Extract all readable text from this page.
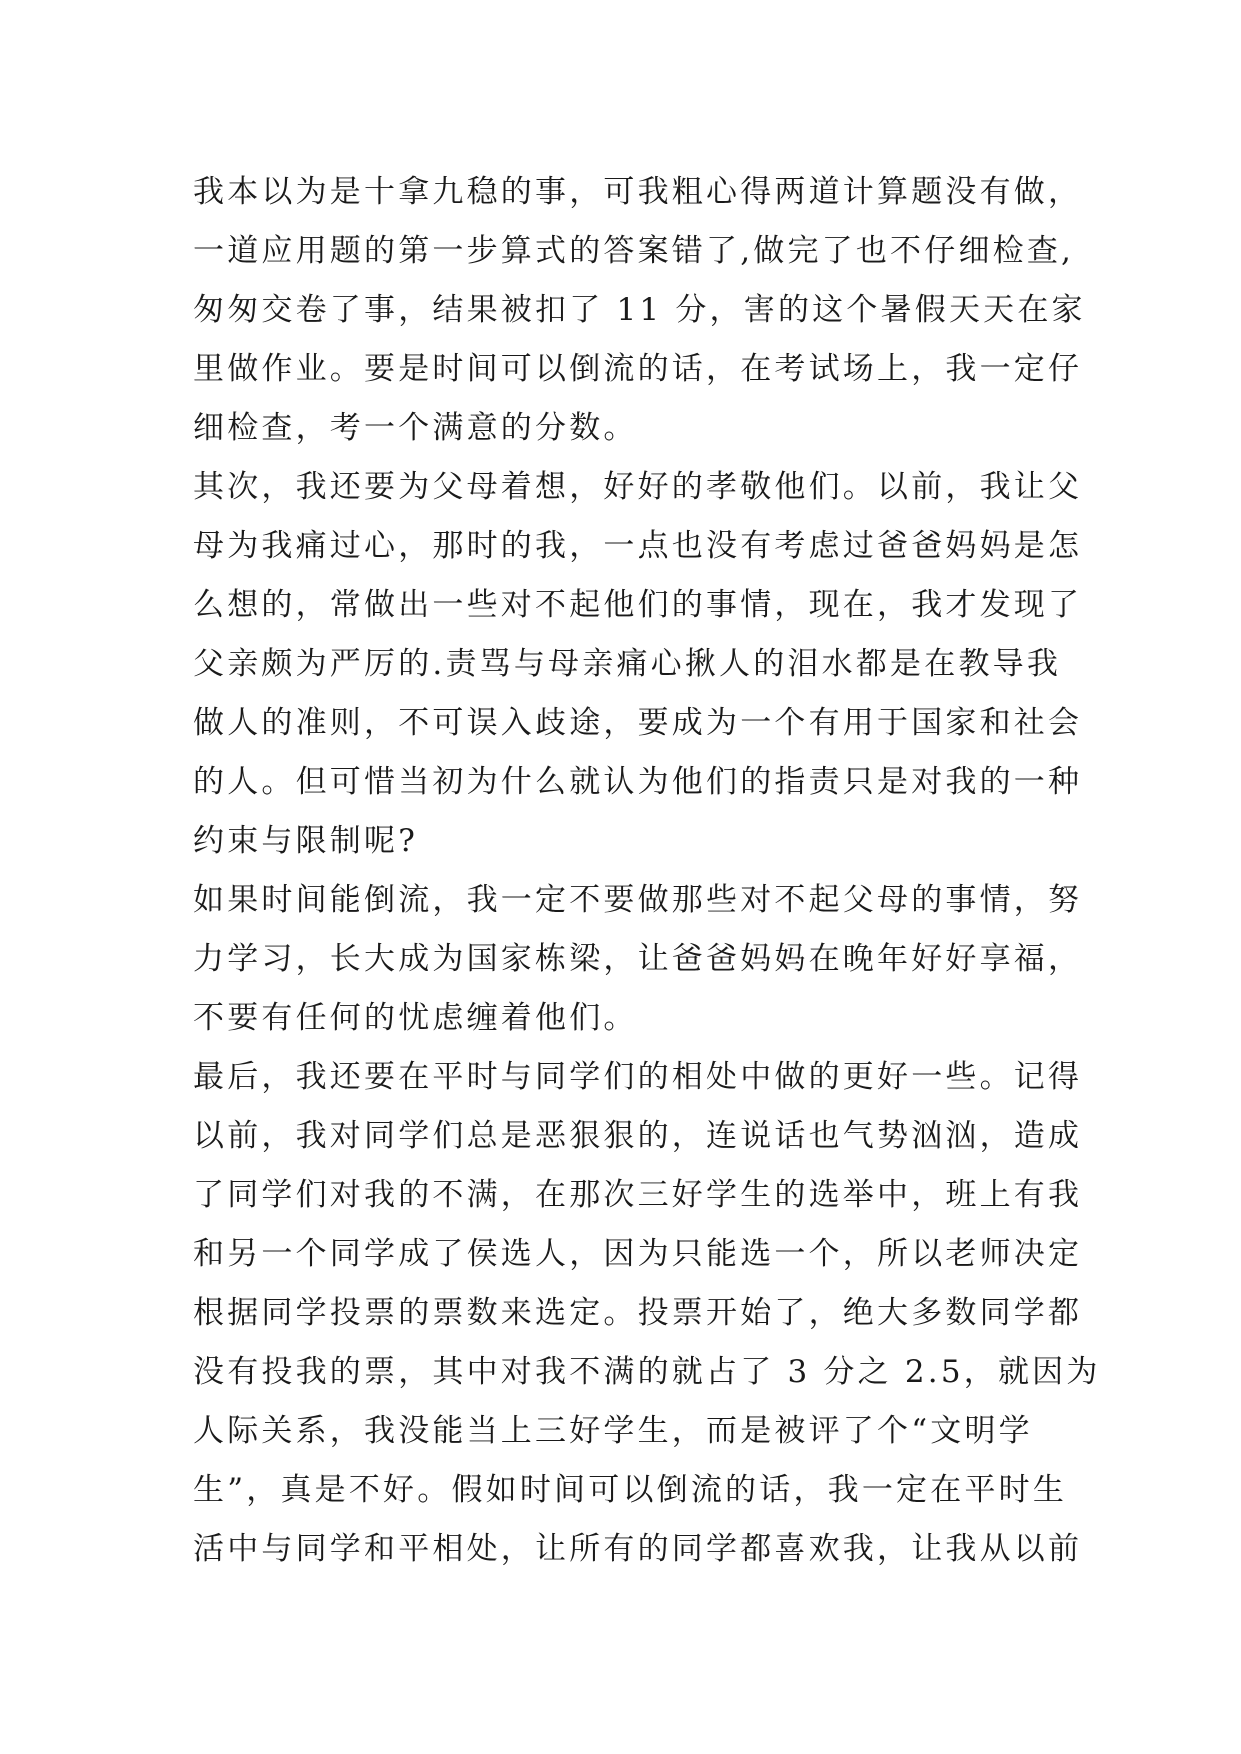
我本以为是十拿九稳的事，可我粗心得两道计算题没有做，
一道应用题的第一步算式的答案错了,做完了也不仔细检查,
匆匆交卷了事，结果被扣了 11 分，害的这个暑假天天在家
里做作业。要是时间可以倒流的话，在考试场上，我一定仔
细检查，考一个满意的分数。
其次，我还要为父母着想，好好的孝敬他们。以前，我让父
母为我痛过心，那时的我，一点也没有考虑过爸爸妈妈是怎
么想的，常做出一些对不起他们的事情，现在，我才发现了
父亲颇为严厉的.责骂与母亲痛心揪人的泪水都是在教导我
做人的准则，不可误入歧途，要成为一个有用于国家和社会
的人。但可惜当初为什么就认为他们的指责只是对我的一种
约束与限制呢?
如果时间能倒流，我一定不要做那些对不起父母的事情，努
力学习，长大成为国家栋梁，让爸爸妈妈在晚年好好享福，
不要有任何的忧虑缠着他们。
最后，我还要在平时与同学们的相处中做的更好一些。记得
以前，我对同学们总是恶狠狠的，连说话也气势汹汹，造成
了同学们对我的不满，在那次三好学生的选举中，班上有我
和另一个同学成了侯选人，因为只能选一个，所以老师决定
根据同学投票的票数来选定。投票开始了，绝大多数同学都
没有投我的票，其中对我不满的就占了 3 分之 2.5，就因为
人际关系，我没能当上三好学生，而是被评了个“文明学
生”，真是不好。假如时间可以倒流的话，我一定在平时生
活中与同学和平相处，让所有的同学都喜欢我，让我从以前
